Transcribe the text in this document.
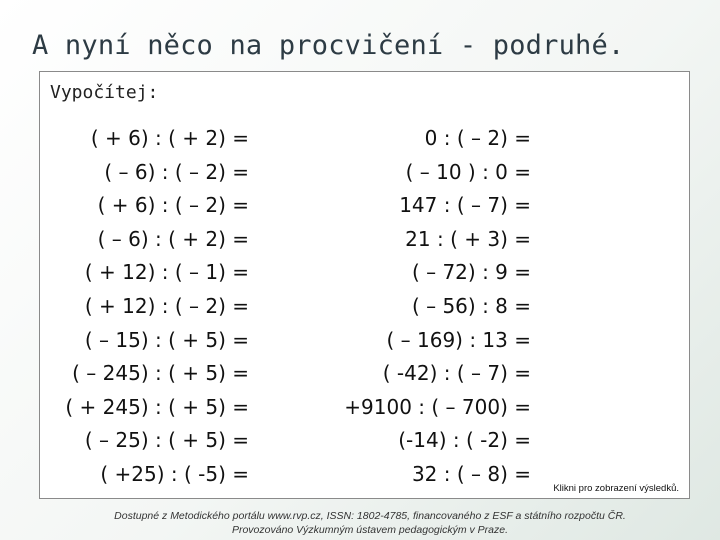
A nyní něco na procvičení - podruhé.
Vypočítej:
( + 6) : ( + 2) =
( – 6) : ( – 2) =
( + 6) : ( – 2) =
( – 6) : ( + 2) =
( + 12) : ( – 1) =
( + 12) : ( – 2) =
( – 15) : ( + 5) =
( – 245) : ( + 5) =
( + 245) : ( + 5) =
( – 25) : ( + 5) =
( +25) : ( -5) =
0 : ( – 2) =
( – 10 ) : 0 =
147 : ( – 7) =
21 : ( + 3) =
( – 72) : 9 =
( – 56) : 8 =
( – 169) : 13 =
( -42) : ( – 7) =
+9100 : ( – 700) =
(-14) : ( -2) =
32 : ( – 8) =
Klikni pro zobrazení výsledků.
Dostupné z Metodického portálu www.rvp.cz, ISSN: 1802-4785, financovaného z ESF a státního rozpočtu ČR.
Provozováno Výzkumným ústavem pedagogickým v Praze.
